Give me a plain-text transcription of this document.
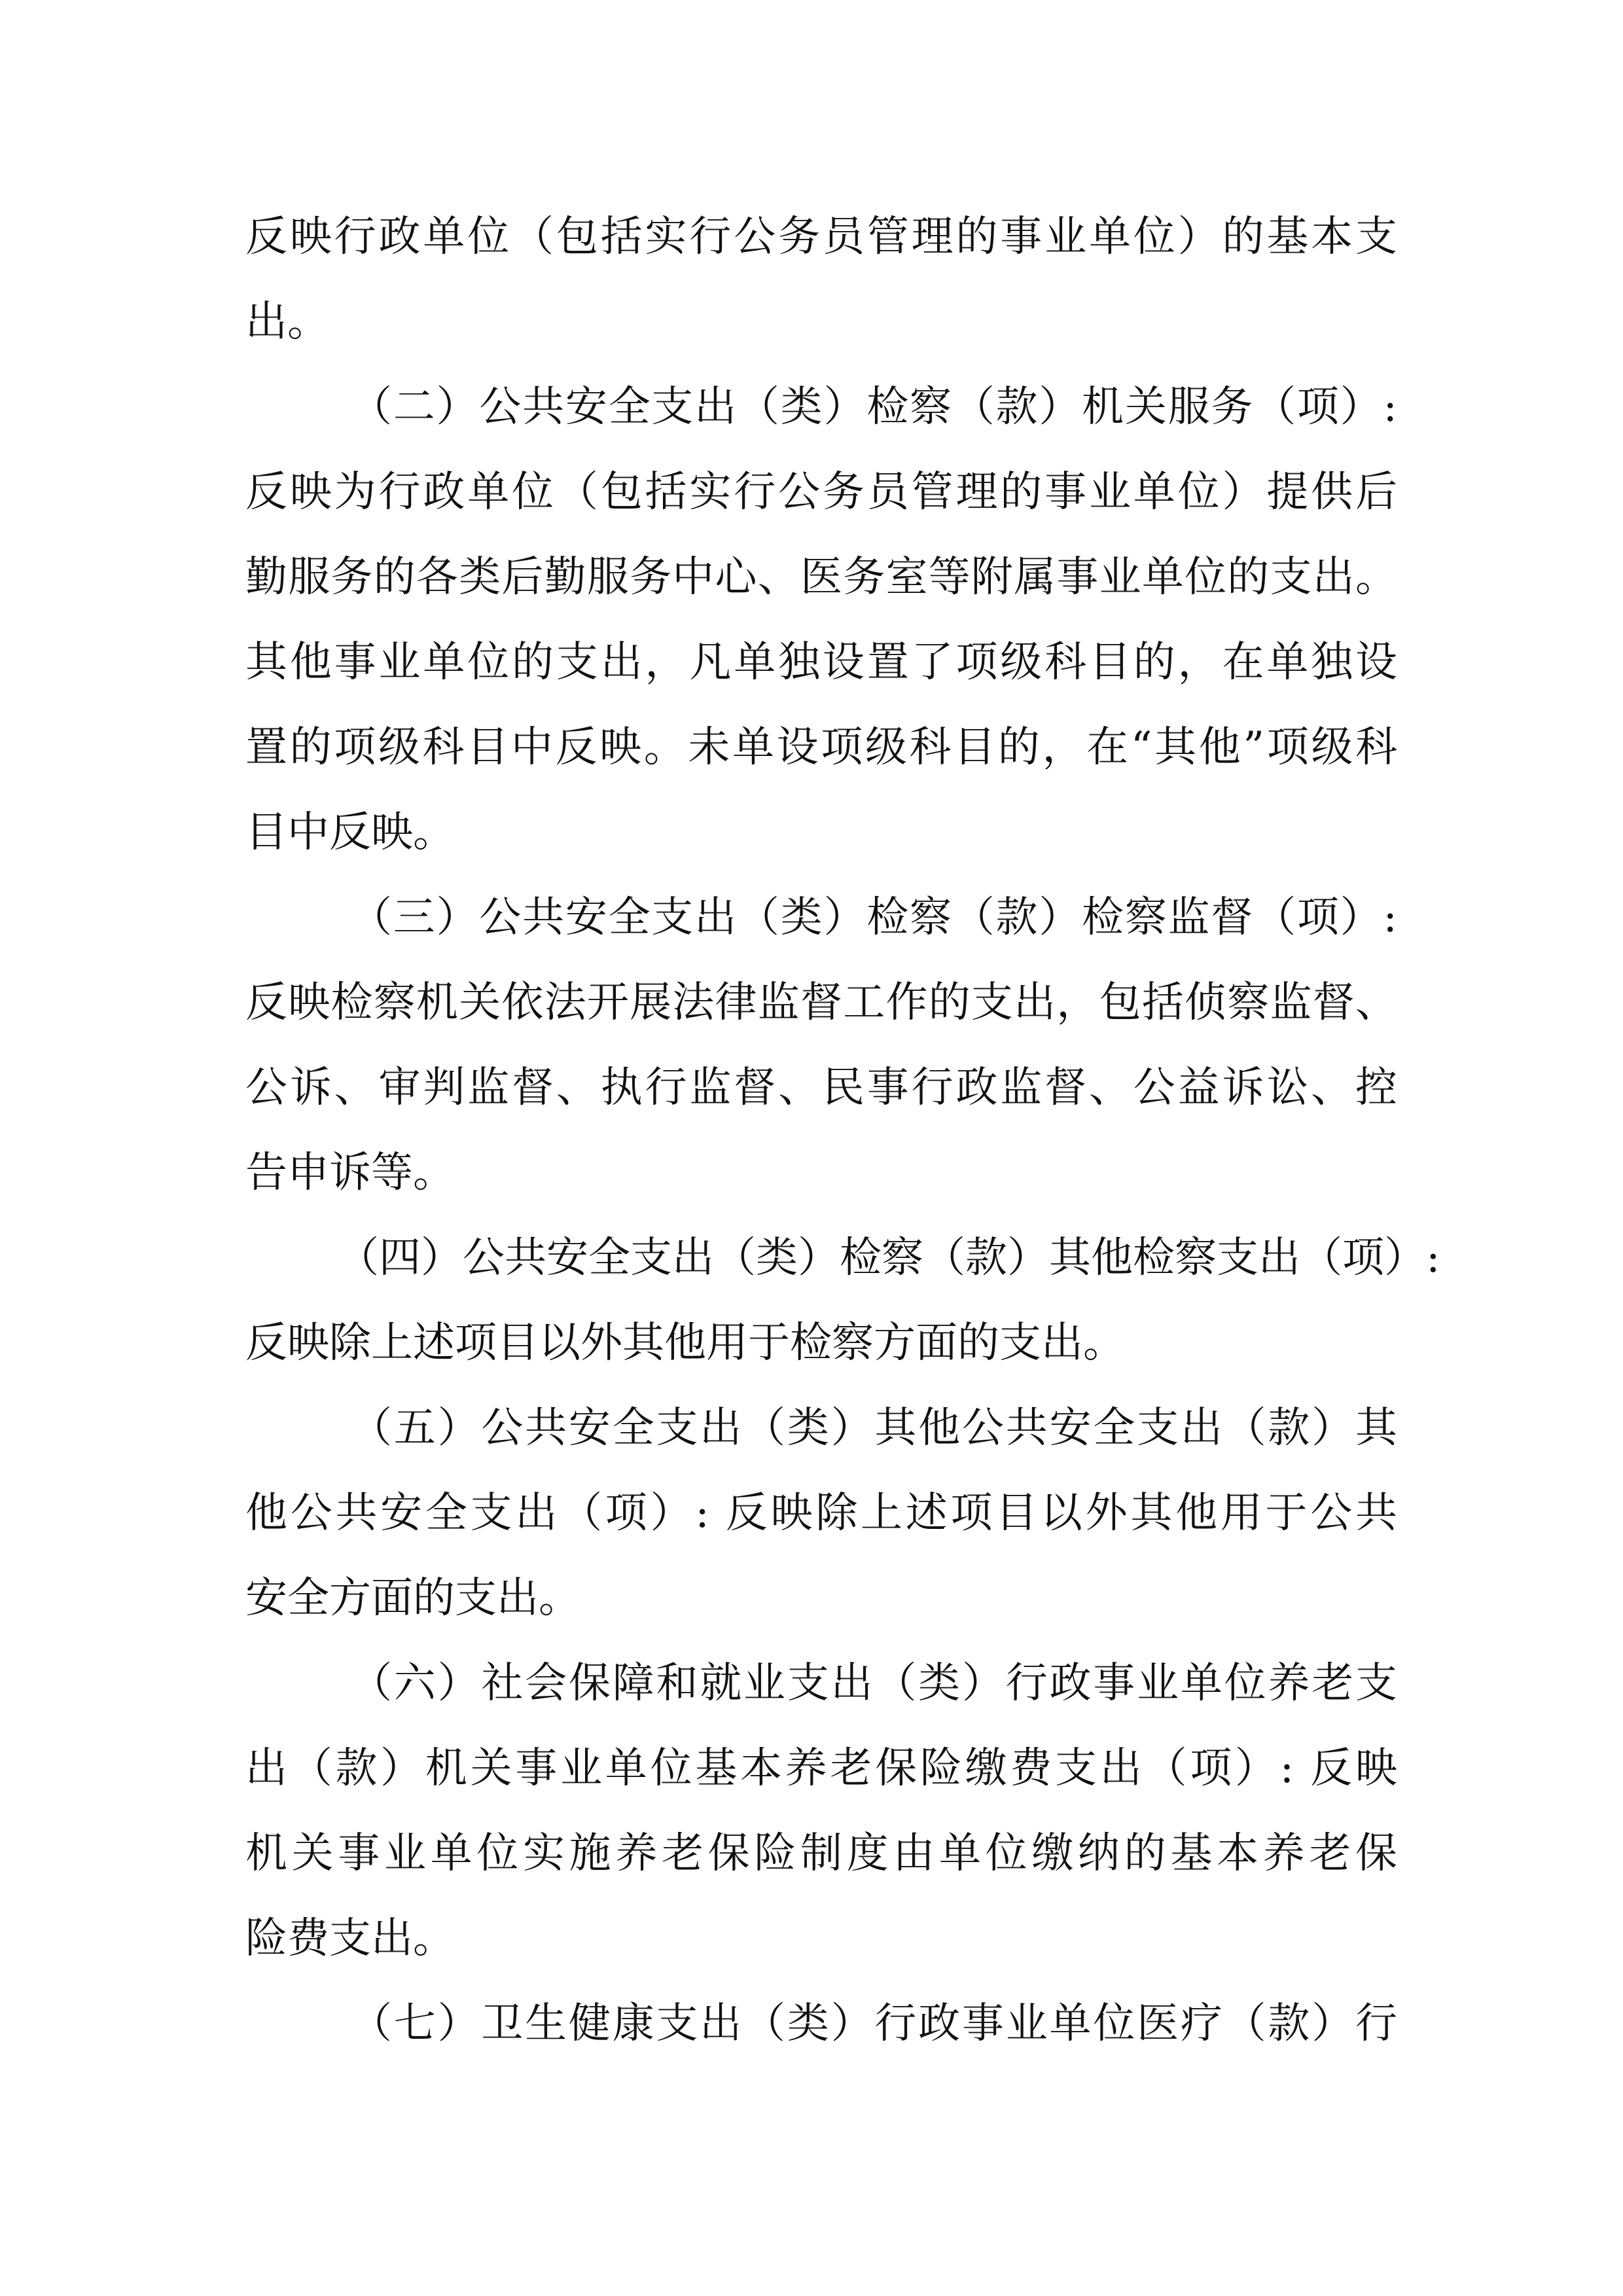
反映行政单位（包括实行公务员管理的事业单位）的基本支
出。
（二）公共安全支出（类）检察（款）机关服务（项）:
反映为行政单位（包括实行公务员管理的事业单位）提供后
勤服务的各类后勤服务中心、医务室等附属事业单位的支出。
其他事业单位的支出，凡单独设置了项级科目的，在单独设
置的项级科目中反映。未单设项级科目的，在“其他”项级科
目中反映。
（三）公共安全支出（类）检察（款）检察监督（项）:
反映检察机关依法开展法律监督工作的支出，包括侦察监督、
公诉、审判监督、执行监督、民事行政监督、公益诉讼、控
告申诉等。
（四）公共安全支出（类）检察（款）其他检察支出（项）:
反映除上述项目以外其他用于检察方面的支出。
（五）公共安全支出（类）其他公共安全支出（款）其
他公共安全支出（项）: 反映除上述项目以外其他用于公共
安全方面的支出。
（六）社会保障和就业支出（类）行政事业单位养老支
出（款）机关事业单位基本养老保险缴费支出（项）: 反映
机关事业单位实施养老保险制度由单位缴纳的基本养老保
险费支出。
（七）卫生健康支出（类）行政事业单位医疗（款）行
